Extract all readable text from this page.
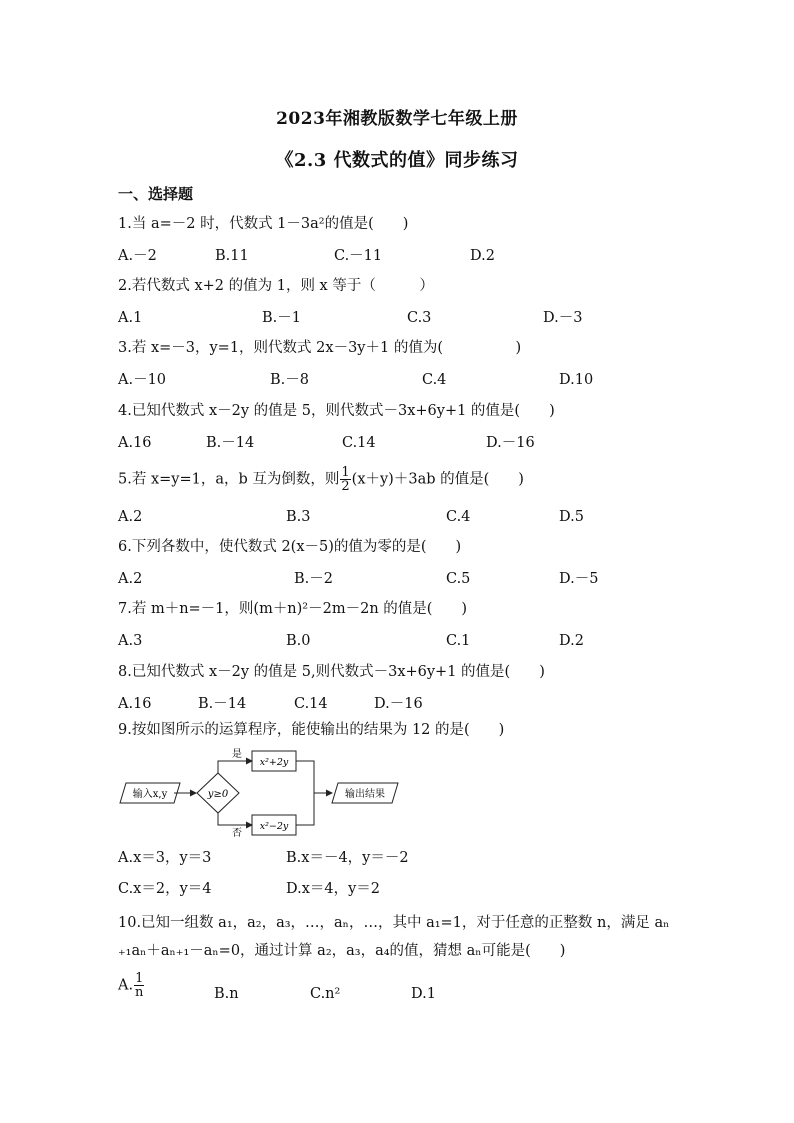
2023年湘教版数学七年级上册
《2.3 代数式的值》同步练习
一、选择题
1.当 a=－2 时，代数式 1－3a²的值是(　　)
A.－2	B.11	C.－11	D.2
2.若代数式 x+2 的值为 1，则 x 等于（　　　）
A.1	B.－1	C.3	D.－3
3.若 x=－3，y=1，则代数式 2x－3y＋1 的值为(　　　　　)
A.－10	B.－8	C.4	D.10
4.已知代数式 x－2y 的值是 5，则代数式－3x+6y+1 的值是(　　)
A.16	B.－14	C.14	D.－16
5.若 x=y=1，a，b 互为倒数，则 $\frac{1}{2} (x+y)+3ab$ 的值是(　　)
A.2	B.3	C.4	D.5
6.下列各数中，使代数式 2(x－5)的值为零的是(　　)
A.2	B.－2	C.5	D.－5
7.若 m＋n=－1，则(m＋n)²－2m－2n 的值是(　　)
A.3	B.0	C.1	D.2
8.已知代数式 x－2y 的值是 5,则代数式－3x+6y+1 的值是(　　)
A.16	B.－14	C.14	D.－16
9.按如图所示的运算程序，能使输出的结果为 12 的是(　　)
输入x,y	y≥0
是
x²+2y
否
x²−2y
输出结果
A.x＝3，y＝3	B.x＝－4，y＝－2
C.x＝2，y＝4	D.x＝4，y＝2
10.已知一组数 a₁，a₂，a₃，…，aₙ，…，其中 a₁=1，对于任意的正整数 n，满足 aₙ
₊₁aₙ＋aₙ₊₁－aₙ=0，通过计算 a₂，a₃，a₄的值，猜想 aₙ可能是(　　)
A. $\frac{1}{n}$	B.n	C.n²	D.1
